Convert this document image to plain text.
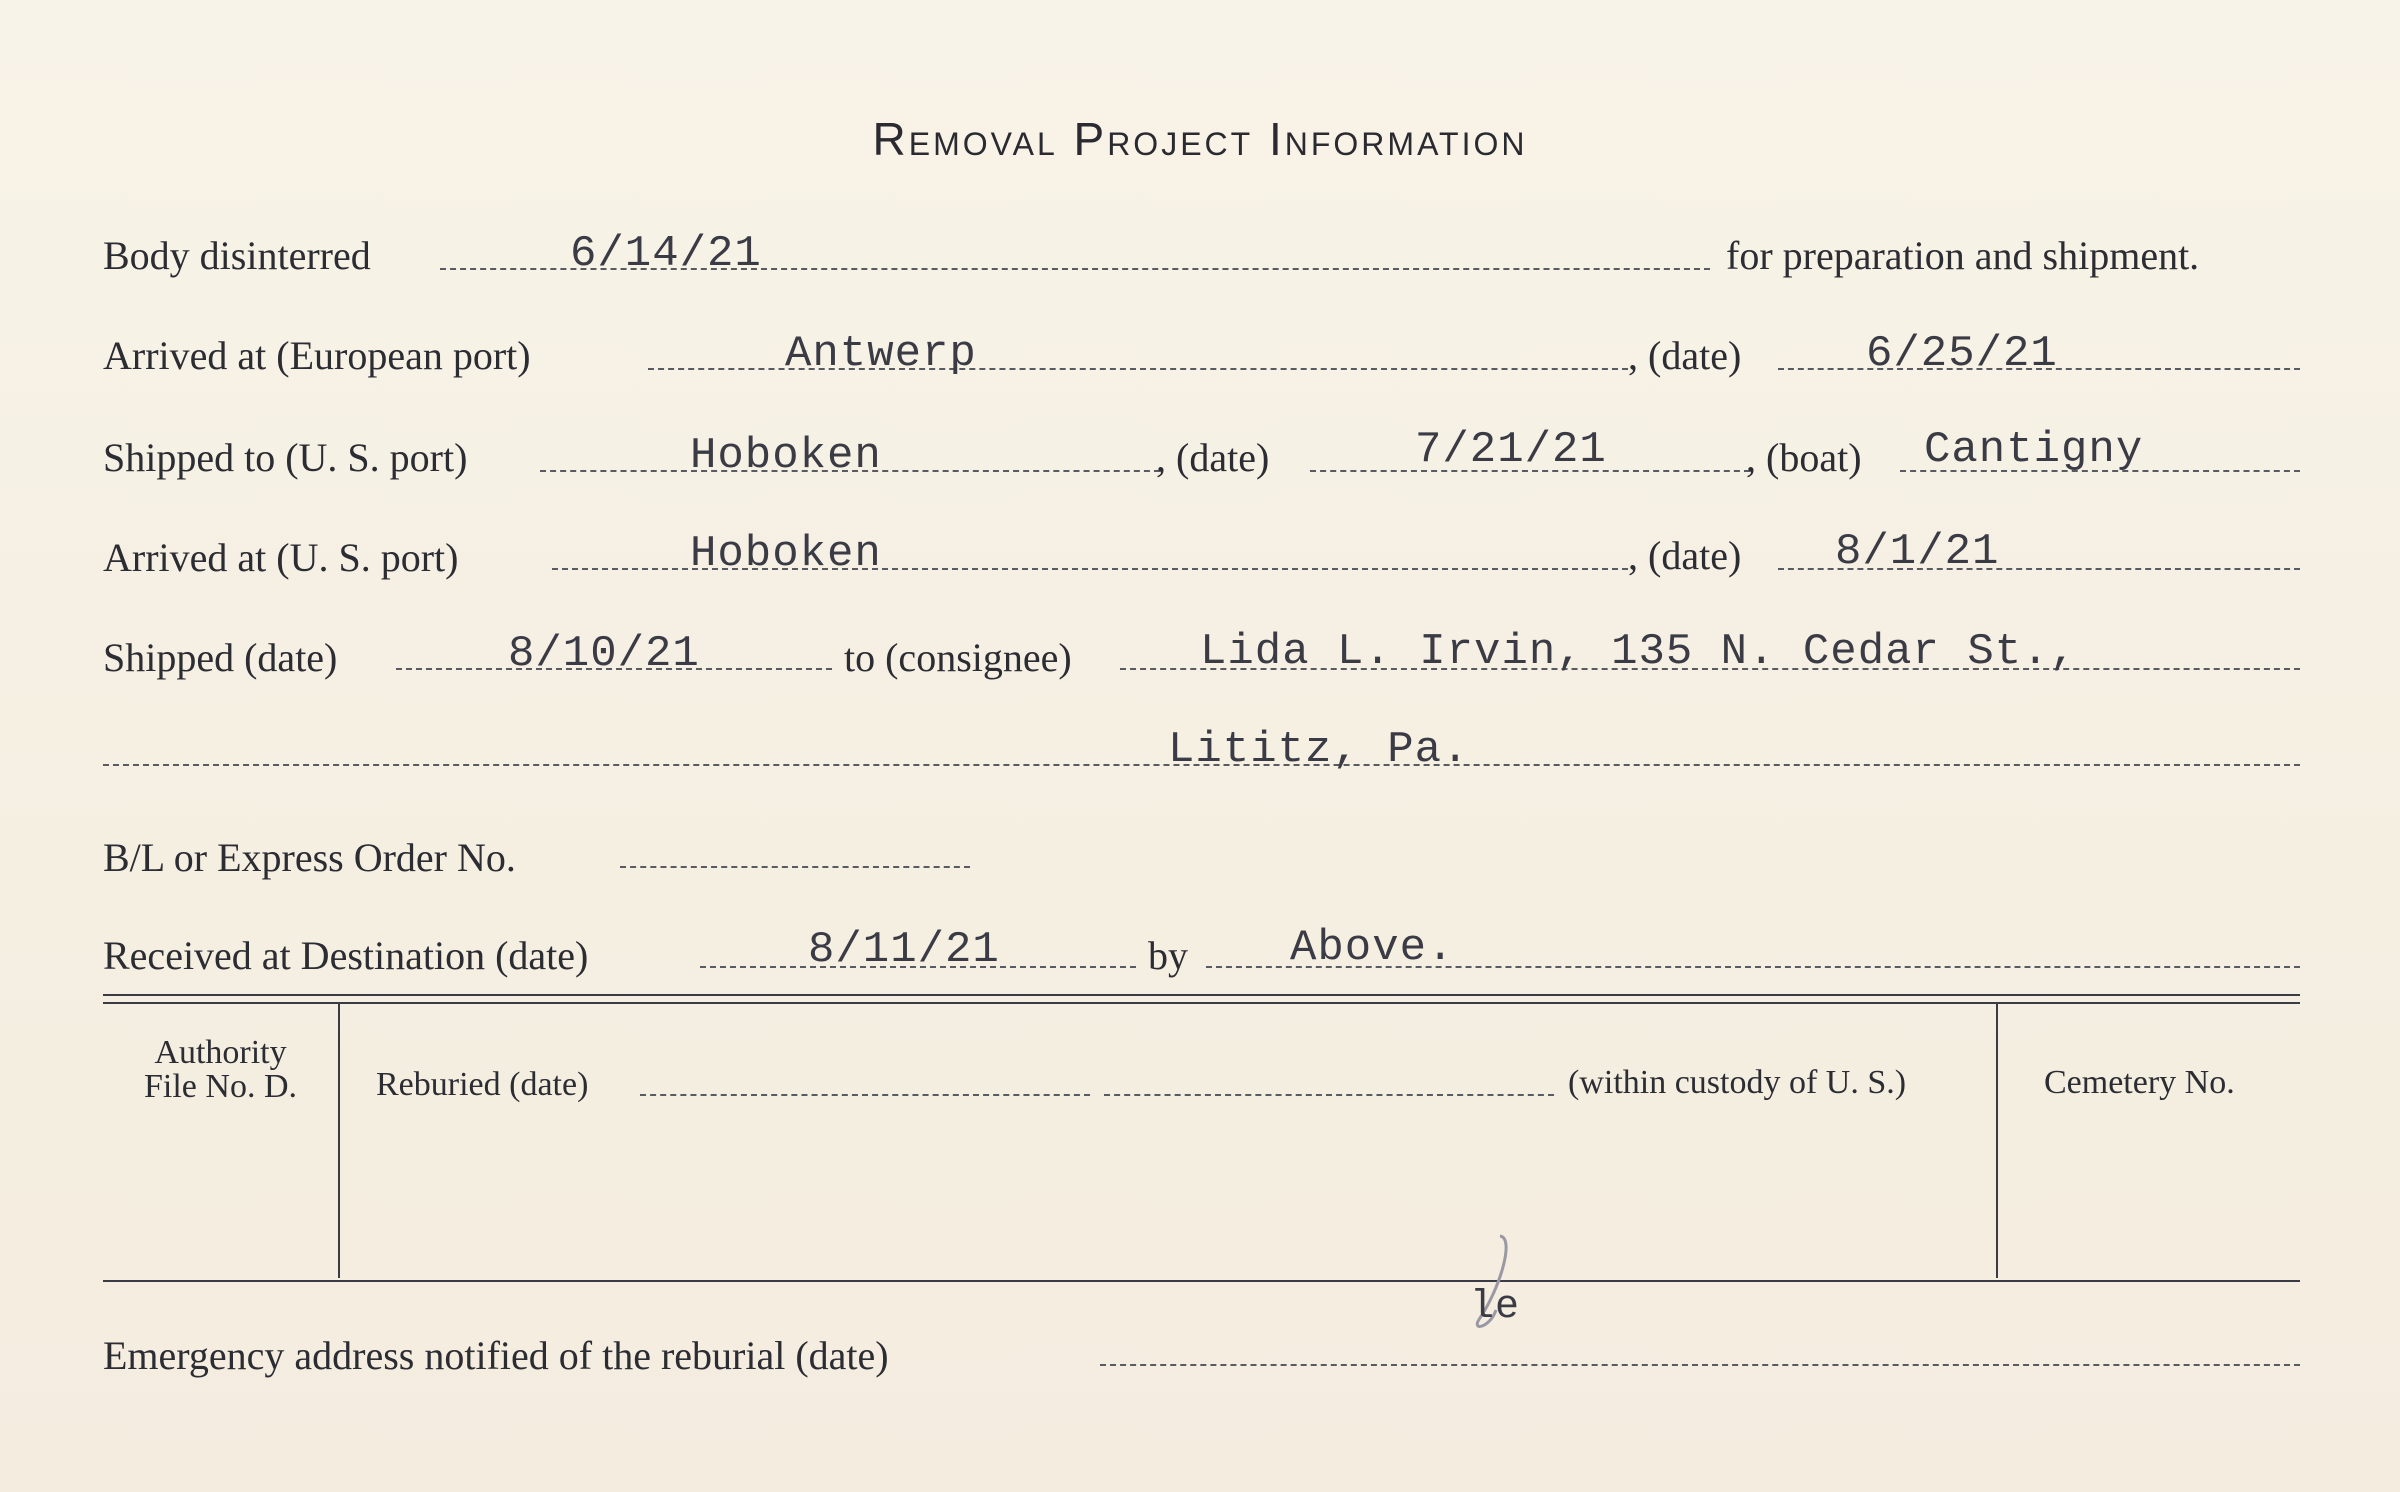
Removal Project Information
Body disinterred	6/14/21	for preparation and shipment.
Arrived at (European port)	Antwerp	, (date)	6/25/21
Shipped to (U. S. port)	Hoboken	, (date)	7/21/21	, (boat) Cantigny
Arrived at (U. S. port)	Hoboken	, (date) 8/1/21
Shipped (date)	8/10/21	to (consignee)	Lida L. Irvin, 135 N. Cedar St.,
Lititz, Pa.
B/L or Express Order No.
Received at Destination (date)	8/11/21	by Above.
Authority
File No. D.	Reburied (date)	(within custody of U. S.)	Cemetery No.
le
Emergency address notified of the reburial (date)
